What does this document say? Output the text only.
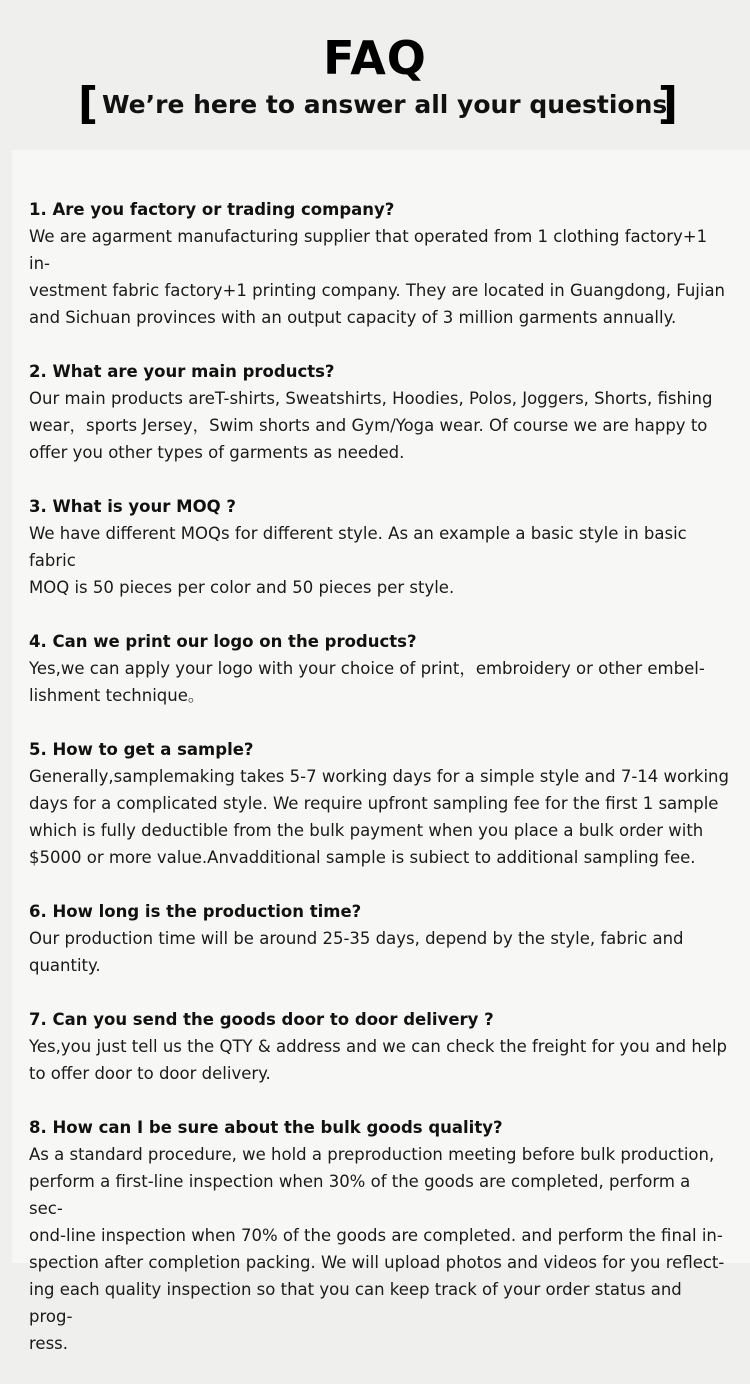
FAQ
[ We’re here to answer all your questions
]
1. Are you factory or trading company?
We are agarment manufacturing supplier that operated from 1 clothing factory+1 in-
vestment fabric factory+1 printing company. They are located in Guangdong, Fujian
and Sichuan provinces with an output capacity of 3 million garments annually.
2. What are your main products?
Our main products areT-shirts, Sweatshirts, Hoodies, Polos, Joggers, Shorts, fishing
wear，sports Jersey，Swim shorts and Gym/Yoga wear. Of course we are happy to
offer you other types of garments as needed.
3. What is your MOQ ?
We have different MOQs for different style. As an example a basic style in basic fabric
MOQ is 50 pieces per color and 50 pieces per style.
4. Can we print our logo on the products?
Yes,we can apply your logo with your choice of print，embroidery or other embel-
lishment technique。
5. How to get a sample?
Generally,samplemaking takes 5-7 working days for a simple style and 7-14 working
days for a complicated style. We require upfront sampling fee for the first 1 sample
which is fully deductible from the bulk payment when you place a bulk order with
$5000 or more value.Anvadditional sample is subiect to additional sampling fee.
6. How long is the production time?
Our production time will be around 25-35 days, depend by the style, fabric and
quantity.
7. Can you send the goods door to door delivery ?
Yes,you just tell us the QTY & address and we can check the freight for you and help
to offer door to door delivery.
8. How can I be sure about the bulk goods quality?
As a standard procedure, we hold a preproduction meeting before bulk production,
perform a first-line inspection when 30% of the goods are completed, perform a sec-
ond-line inspection when 70% of the goods are completed. and perform the final in-
spection after completion packing. We will upload photos and videos for you reflect-
ing each quality inspection so that you can keep track of your order status and prog-
ress.
